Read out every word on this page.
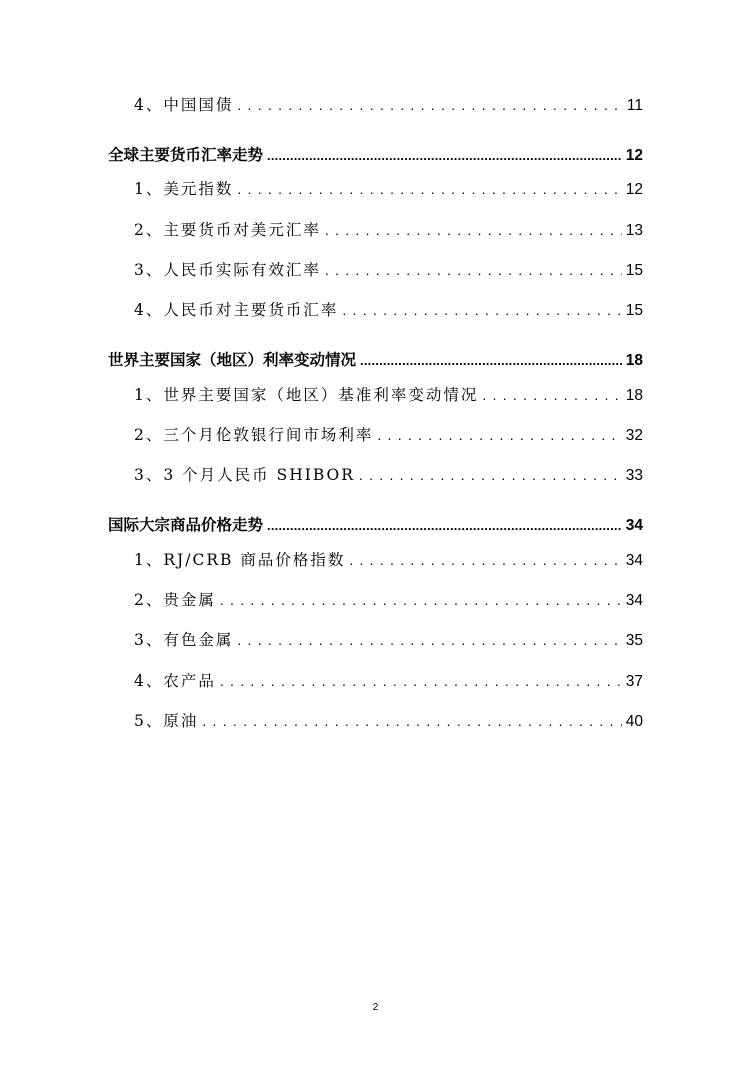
4、中国国债 . . .	11
全球主要货币汇率走势 .....	12
1、美元指数 . . .	12
2、主要货币对美元汇率 . . .	13
3、人民币实际有效汇率 . . .	15
4、人民币对主要货币汇率 . . .	15
世界主要国家（地区）利率变动情况 .....	18
1、世界主要国家（地区）基准利率变动情况 . . .	18
2、三个月伦敦银行间市场利率 . . .	32
3、3 个月人民币 SHIBOR . . .	33
国际大宗商品价格走势 .....	34
1、RJ/CRB 商品价格指数 . . .	34
2、贵金属 . . .	34
3、有色金属 . . .	35
4、农产品 . . .	37
5、原油 . . .	40
2
